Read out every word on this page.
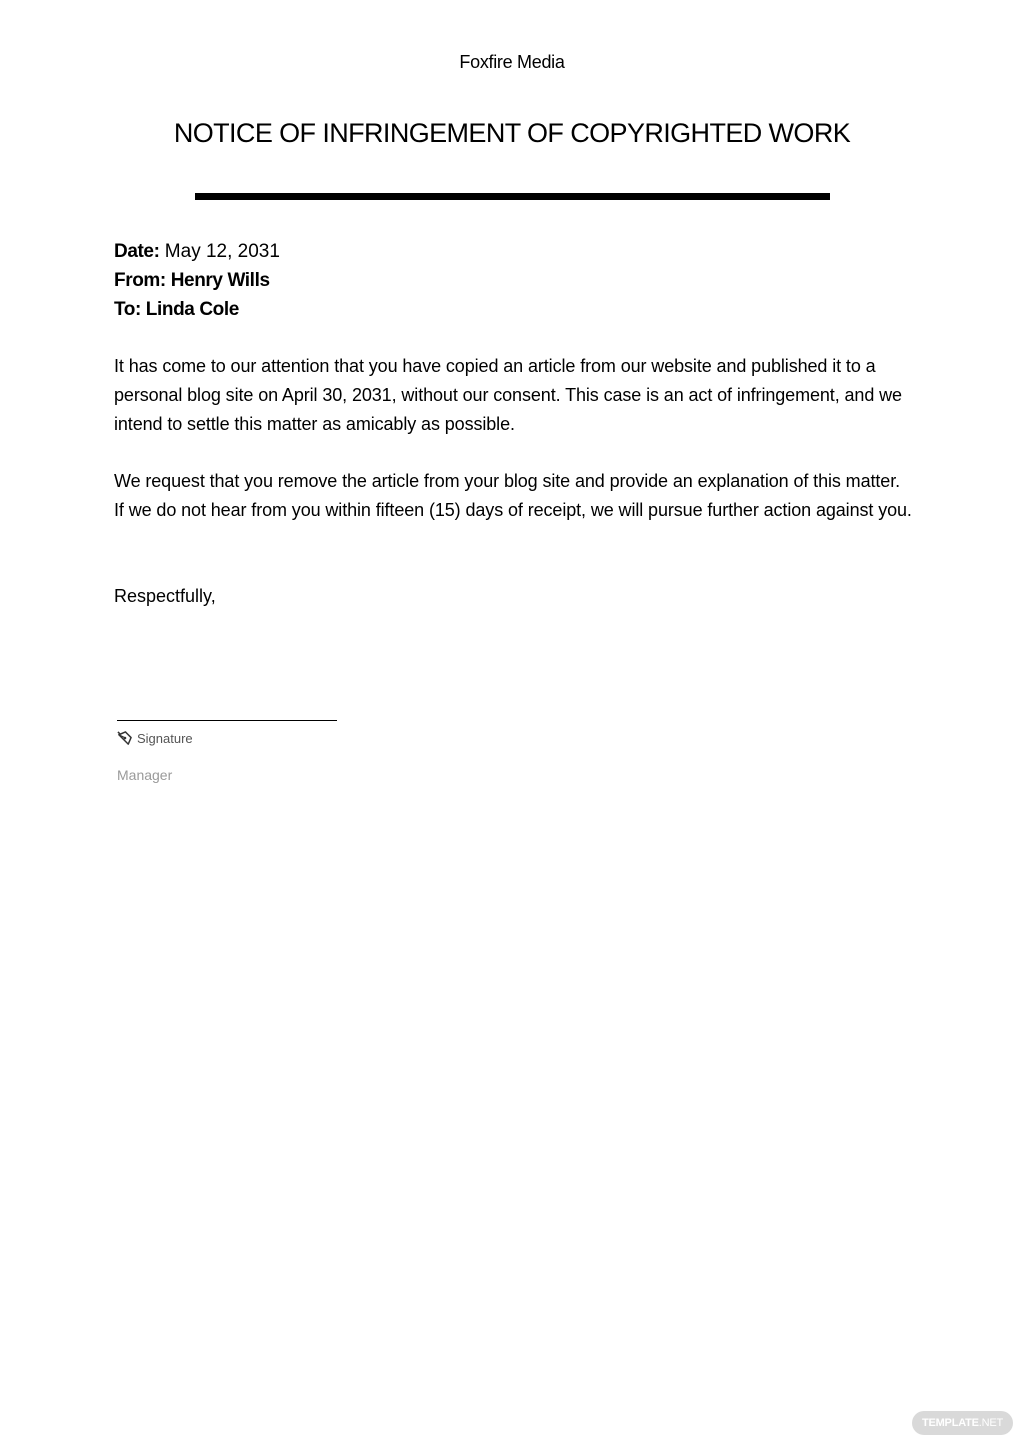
Foxfire Media
NOTICE OF INFRINGEMENT OF COPYRIGHTED WORK
Date: May 12, 2031
From: Henry Wills
To: Linda Cole

It has come to our attention that you have copied an article from our website and published it to a personal blog site on April 30, 2031, without our consent. This case is an act of infringement, and we intend to settle this matter as amicably as possible.

We request that you remove the article from your blog site and provide an explanation of this matter. If we do not hear from you within fifteen (15) days of receipt, we will pursue further action against you.

Respectfully,
Signature
Manager
TEMPLATE .NET
